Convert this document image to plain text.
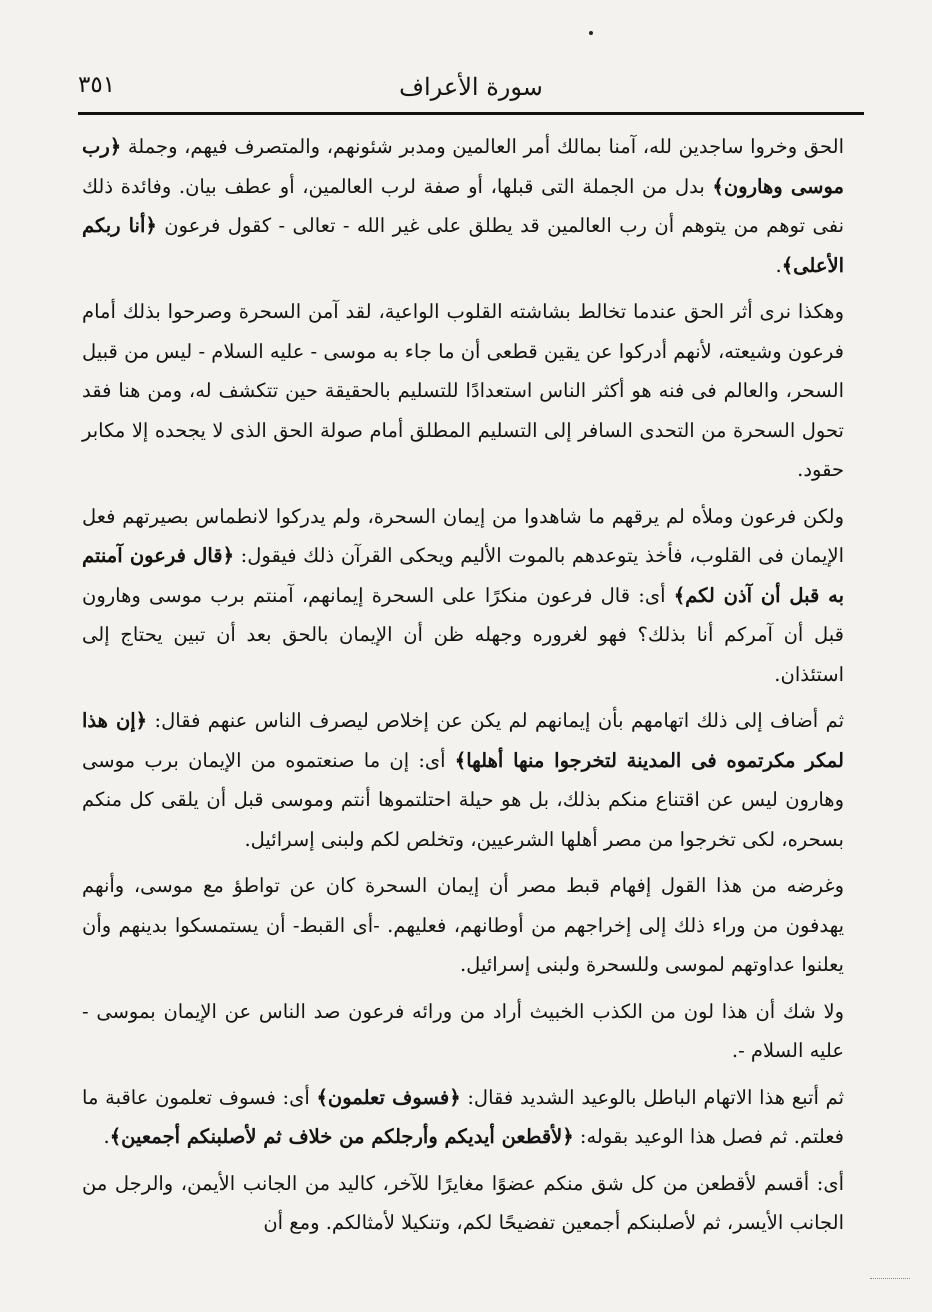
٣٥١	سورة الأعراف

الحق وخروا ساجدين لله، آمنا بمالك أمر العالمين ومدبر شئونهم، والمتصرف فيهم، وجملة ﴿رب موسى وهارون﴾ بدل من الجملة التى قبلها، أو صفة لرب العالمين، أو عطف بيان. وفائدة ذلك نفى توهم من يتوهم أن رب العالمين قد يطلق على غير الله - تعالى - كقول فرعون ﴿أنا ربكم الأعلى﴾.

وهكذا نرى أثر الحق عندما تخالط بشاشته القلوب الواعية، لقد آمن السحرة وصرحوا بذلك أمام فرعون وشيعته، لأنهم أدركوا عن يقين قطعى أن ما جاء به موسى - عليه السلام - ليس من قبيل السحر، والعالم فى فنه هو أكثر الناس استعدادًا للتسليم بالحقيقة حين تتكشف له، ومن هنا فقد تحول السحرة من التحدى السافر إلى التسليم المطلق أمام صولة الحق الذى لا يجحده إلا مكابر حقود.

ولكن فرعون وملأه لم يرقهم ما شاهدوا من إيمان السحرة، ولم يدركوا لانطماس بصيرتهم فعل الإيمان فى القلوب، فأخذ يتوعدهم بالموت الأليم ويحكى القرآن ذلك فيقول: ﴿قال فرعون آمنتم به قبل أن آذن لكم﴾ أى: قال فرعون منكرًا على السحرة إيمانهم، آمنتم برب موسى وهارون قبل أن آمركم أنا بذلك؟ فهو لغروره وجهله ظن أن الإيمان بالحق بعد أن تبين يحتاج إلى استئذان.

ثم أضاف إلى ذلك اتهامهم بأن إيمانهم لم يكن عن إخلاص ليصرف الناس عنهم فقال: ﴿إن هذا لمكر مكرتموه فى المدينة لتخرجوا منها أهلها﴾ أى: إن ما صنعتموه من الإيمان برب موسى وهارون ليس عن اقتناع منكم بذلك، بل هو حيلة احتلتموها أنتم وموسى قبل أن يلقى كل منكم بسحره، لكى تخرجوا من مصر أهلها الشرعيين، وتخلص لكم ولبنى إسرائيل.

وغرضه من هذا القول إفهام قبط مصر أن إيمان السحرة كان عن تواطؤ مع موسى، وأنهم يهدفون من وراء ذلك إلى إخراجهم من أوطانهم، فعليهم. -أى القبط- أن يستمسكوا بدينهم وأن يعلنوا عداوتهم لموسى وللسحرة ولبنى إسرائيل.

ولا شك أن هذا لون من الكذب الخبيث أراد من ورائه فرعون صد الناس عن الإيمان بموسى - عليه السلام -.

ثم أتبع هذا الاتهام الباطل بالوعيد الشديد فقال: ﴿فسوف تعلمون﴾ أى: فسوف تعلمون عاقبة ما فعلتم. ثم فصل هذا الوعيد بقوله: ﴿لأقطعن أيديكم وأرجلكم من خلاف ثم لأصلبنكم أجمعين﴾.

أى: أقسم لأقطعن من كل شق منكم عضوًا مغايرًا للآخر، كاليد من الجانب الأيمن، والرجل من الجانب الأيسر، ثم لأصلبنكم أجمعين تفضيحًا لكم، وتنكيلا لأمثالكم. ومع أن
